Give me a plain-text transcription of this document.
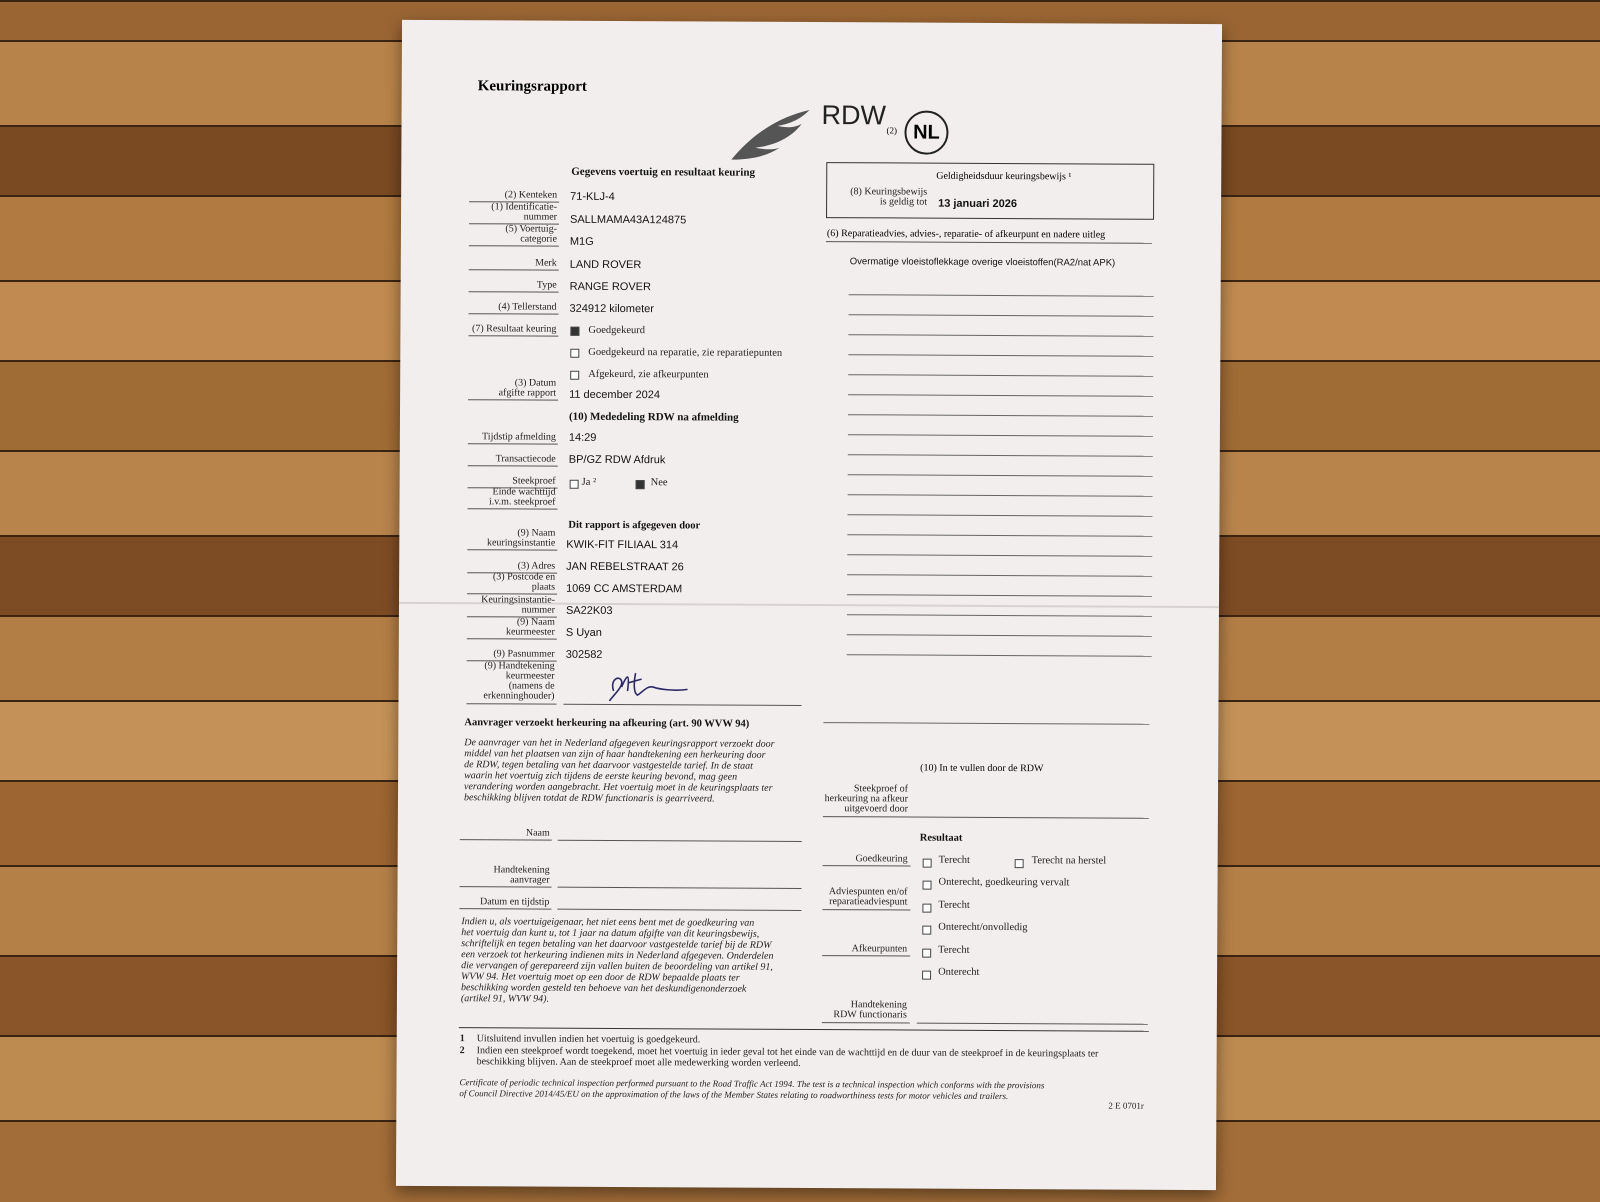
Keuringsrapport
RDW
(2) NL
Gegevens voertuig en resultaat keuring
(2) Kenteken 71-KLJ-4
(1) Identificatie-
nummer SALLMAMA43A124875
(5) Voertuig-
categorie M1G
Merk LAND ROVER
Type RANGE ROVER
(4) Tellerstand 324912 kilometer
(7) Resultaat keuring	Goedgekeurd
Goedgekeurd na reparatie, zie reparatiepunten
Afgekeurd, zie afkeurpunten
(3) Datum
afgifte rapport 11 december 2024
(10) Mededeling RDW na afmelding
Tijdstip afmelding 14:29
Transactiecode BP/GZ RDW Afdruk
Steekproef Ja ²	Nee
Einde wachttijd
i.v.m. steekproef
Dit rapport is afgegeven door
(9) Naam
keuringsinstantie KWIK-FIT FILIAAL 314
(3) Adres JAN REBELSTRAAT 26
(3) Postcode en
plaats 1069 CC AMSTERDAM
Keuringsinstantie-
nummer SA22K03
(9) Naam
keurmeester S Uyan
(9) Pasnummer 302582
(9) Handtekening
keurmeester
(namens de
erkenninghouder)
Geldigheidsduur keuringsbewijs ¹
(8) Keuringsbewijs
is geldig tot 13 januari 2026
(6) Reparatieadvies, advies-, reparatie- of afkeurpunt en nadere uitleg
Overmatige vloeistoflekkage overige vloeistoffen(RA2/nat APK)
Aanvrager verzoekt herkeuring na afkeuring (art. 90 WVW 94)
De aanvrager van het in Nederland afgegeven keuringsrapport verzoekt door
middel van het plaatsen van zijn of haar handtekening een herkeuring door
de RDW, tegen betaling van het daarvoor vastgestelde tarief. In de staat
waarin het voertuig zich tijdens de eerste keuring bevond, mag geen
verandering worden aangebracht. Het voertuig moet in de keuringsplaats ter
beschikking blijven totdat de RDW functionaris is gearriveerd.
Naam
Handtekening
aanvrager
Datum en tijdstip
Indien u, als voertuigeigenaar, het niet eens bent met de goedkeuring van
het voertuig dan kunt u, tot 1 jaar na datum afgifte van dit keuringsbewijs,
schriftelijk en tegen betaling van het daarvoor vastgestelde tarief bij de RDW
een verzoek tot herkeuring indienen mits in Nederland afgegeven. Onderdelen
die vervangen of gerepareerd zijn vallen buiten de beoordeling van artikel 91,
WVW 94. Het voertuig moet op een door de RDW bepaalde plaats ter
beschikking worden gesteld ten behoeve van het deskundigenonderzoek
(artikel 91, WVW 94).
(10) In te vullen door de RDW
Steekproef of
herkeuring na afkeur
uitgevoerd door
Resultaat
Goedkeuring	Terecht	Terecht na herstel
Onterecht, goedkeuring vervalt
Adviespunten en/of
reparatieadviespunt	Terecht
Onterecht/onvolledig
Afkeurpunten	Terecht
Onterecht
Handtekening
RDW functionaris
1 Uitsluitend invullen indien het voertuig is goedgekeurd.
2 Indien een steekproef wordt toegekend, moet het voertuig in ieder geval tot het einde van de wachttijd en de duur van de steekproef in de keuringsplaats ter
beschikking blijven. Aan de steekproef moet alle medewerking worden verleend.
Certificate of periodic technical inspection performed pursuant to the Road Traffic Act 1994. The test is a technical inspection which conforms with the provisions
of Council Directive 2014/45/EU on the approximation of the laws of the Member States relating to roadworthiness tests for motor vehicles and trailers.
2 E 0701r
